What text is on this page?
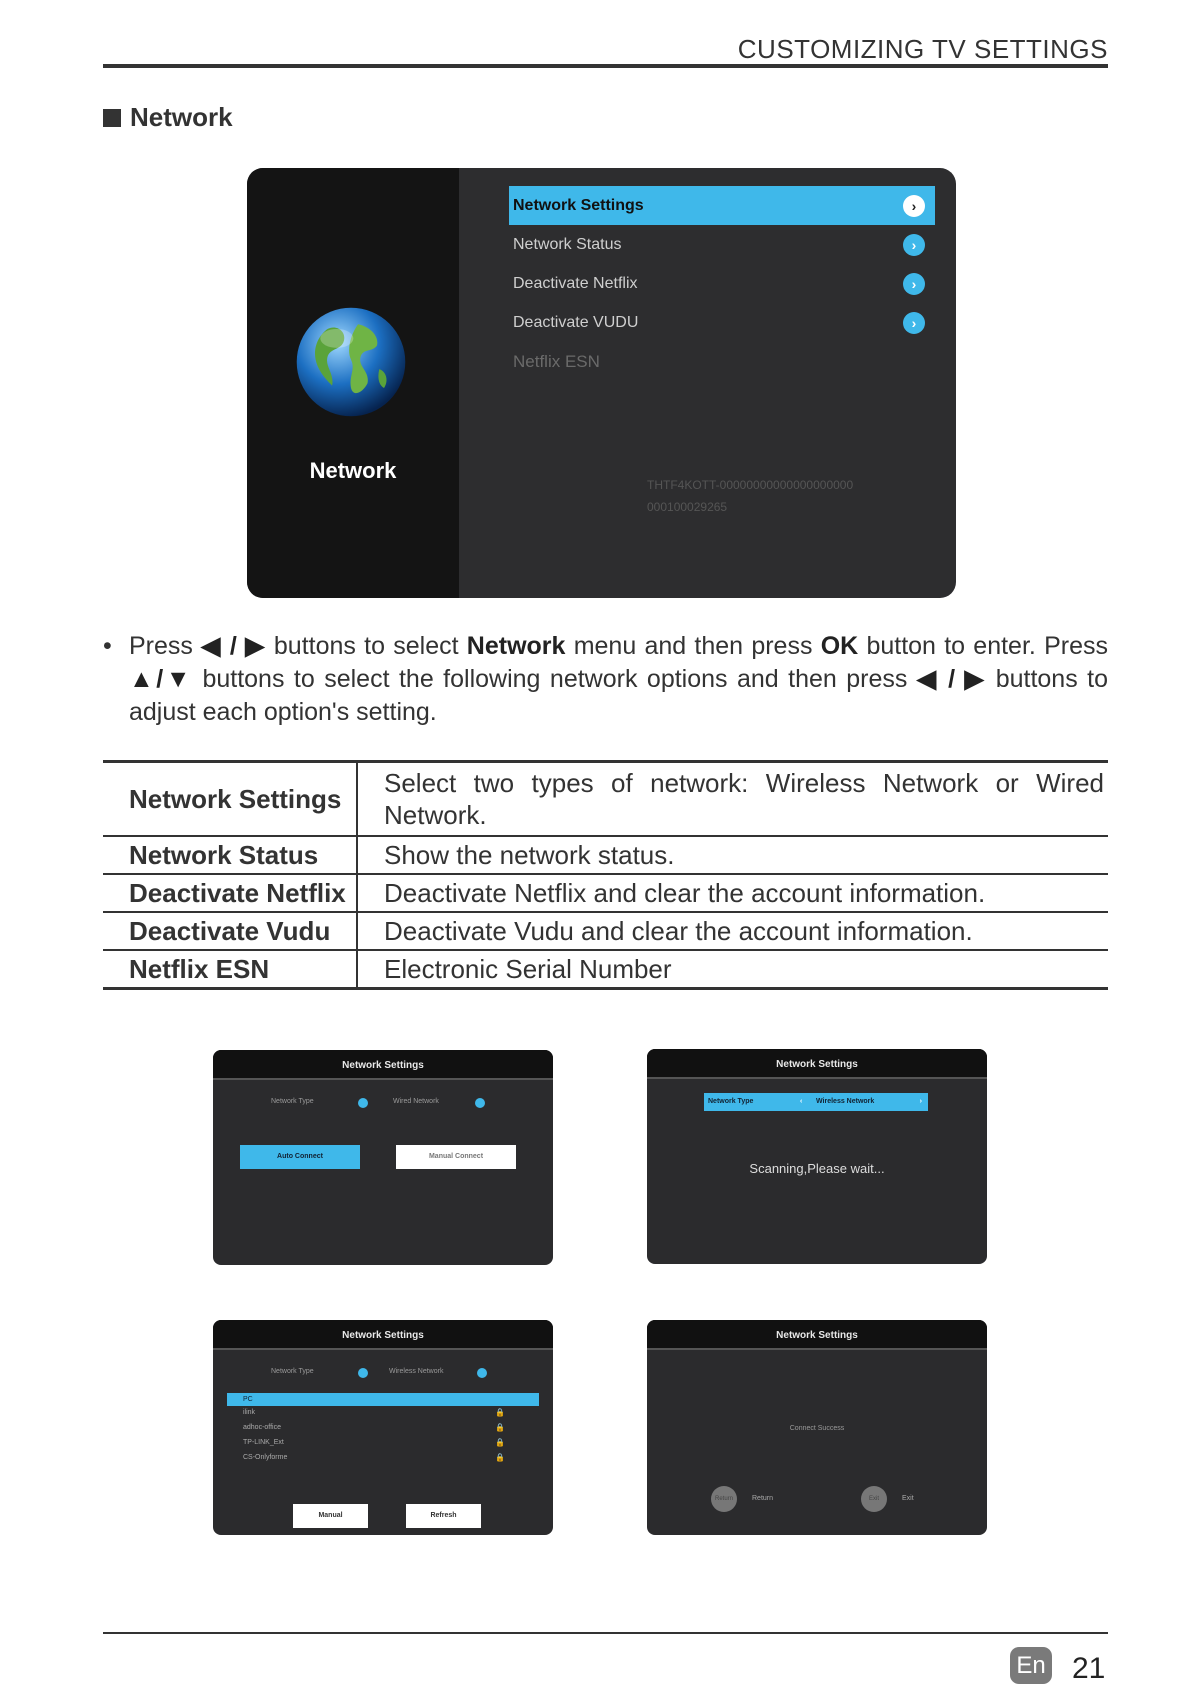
CUSTOMIZING TV SETTINGS
Network
Network
Network Settings	›
Network Status	›
Deactivate Netflix	›
Deactivate VUDU	›
Netflix ESN
THTF4KOTT-00000000000000000000
000100029265
• Press ◀ / ▶ buttons to select Network menu and then press OK button to enter. Press ▲/▼ buttons to select the following network options and then press ◀ / ▶ buttons to adjust each option's setting.
Network Settings	Select two types of network: Wireless Network or Wired Network.
Network Status	Show the network status.
Deactivate Netflix	Deactivate Netflix and clear the account information.
Deactivate Vudu	Deactivate Vudu and clear the account information.
Netflix ESN	Electronic Serial Number
Network Settings
Network Type	Wired Network
Auto Connect	Manual Connect
Network Settings
Network Type	‹ Wireless Network	›
Scanning,Please wait...
Network Settings
Network Type	Wireless Network
PC
ilink
adhoc-office
TP-LINK_Ext
CS-Onlyforme
🔒
🔒
🔒
🔒
Manual	Refresh
Network Settings
Connect Success
Return	Return	Exit	Exit
En 21
